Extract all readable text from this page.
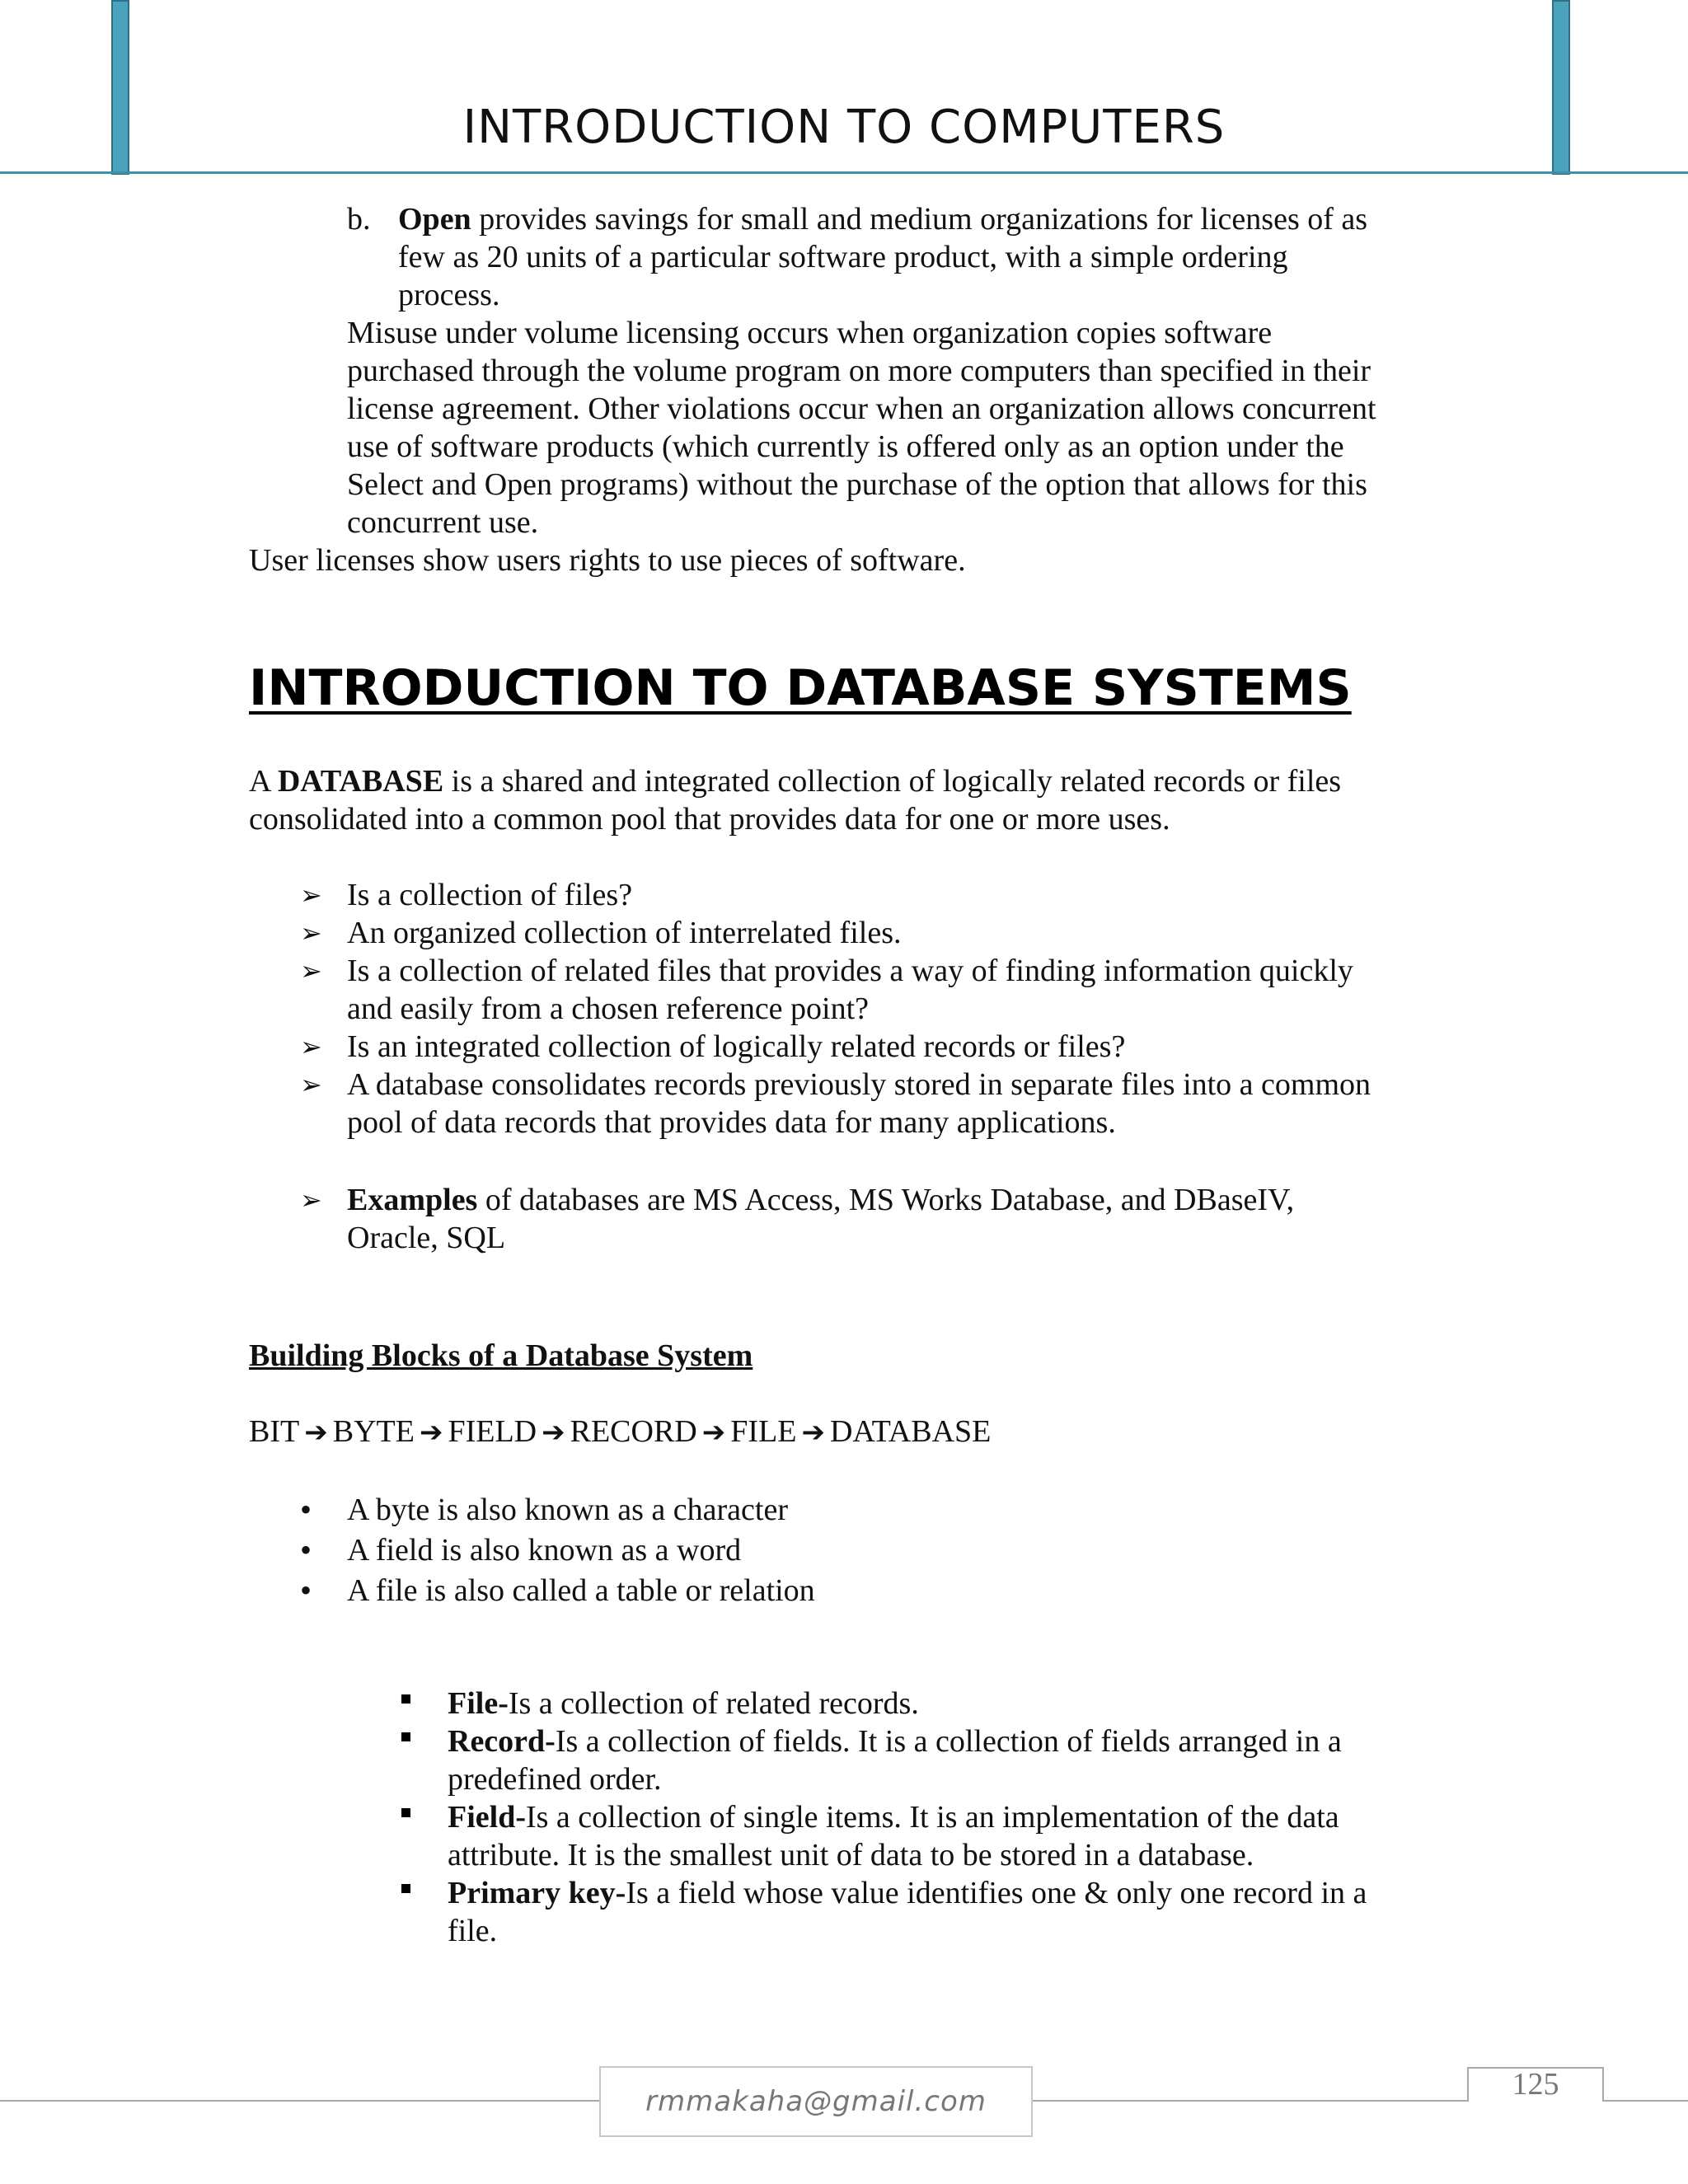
INTRODUCTION TO COMPUTERS

b. Open provides savings for small and medium organizations for licenses of as

few as 20 units of a particular software product, with a simple ordering

process.

Misuse under volume licensing occurs when organization copies software

purchased through the volume program on more computers than specified in their

license agreement. Other violations occur when an organization allows concurrent

use of software products (which currently is offered only as an option under the

Select and Open programs) without the purchase of the option that allows for this

concurrent use.

User licenses show users rights to use pieces of software.

INTRODUCTION TO DATABASE SYSTEMS

A DATABASE is a shared and integrated collection of logically related records or files

consolidated into a common pool that provides data for one or more uses.

➢ Is a collection of files?

➢ An organized collection of interrelated files.

➢ Is a collection of related files that provides a way of finding information quickly

and easily from a chosen reference point?

➢ Is an integrated collection of logically related records or files?

➢ A database consolidates records previously stored in separate files into a common

pool of data records that provides data for many applications.

➢ Examples of databases are MS Access, MS Works Database, and DBaseIV,

Oracle, SQL

Building Blocks of a Database System

BIT ➔ BYTE ➔ FIELD ➔ RECORD ➔ FILE ➔ DATABASE

• A byte is also known as a character

• A field is also known as a word

• A file is also called a table or relation

File-Is a collection of related records.

Record-Is a collection of fields. It is a collection of fields arranged in a

predefined order.

Field-Is a collection of single items. It is an implementation of the data

attribute. It is the smallest unit of data to be stored in a database.

Primary key-Is a field whose value identifies one & only one record in a

file.

rmmakaha@gmail.com	125
